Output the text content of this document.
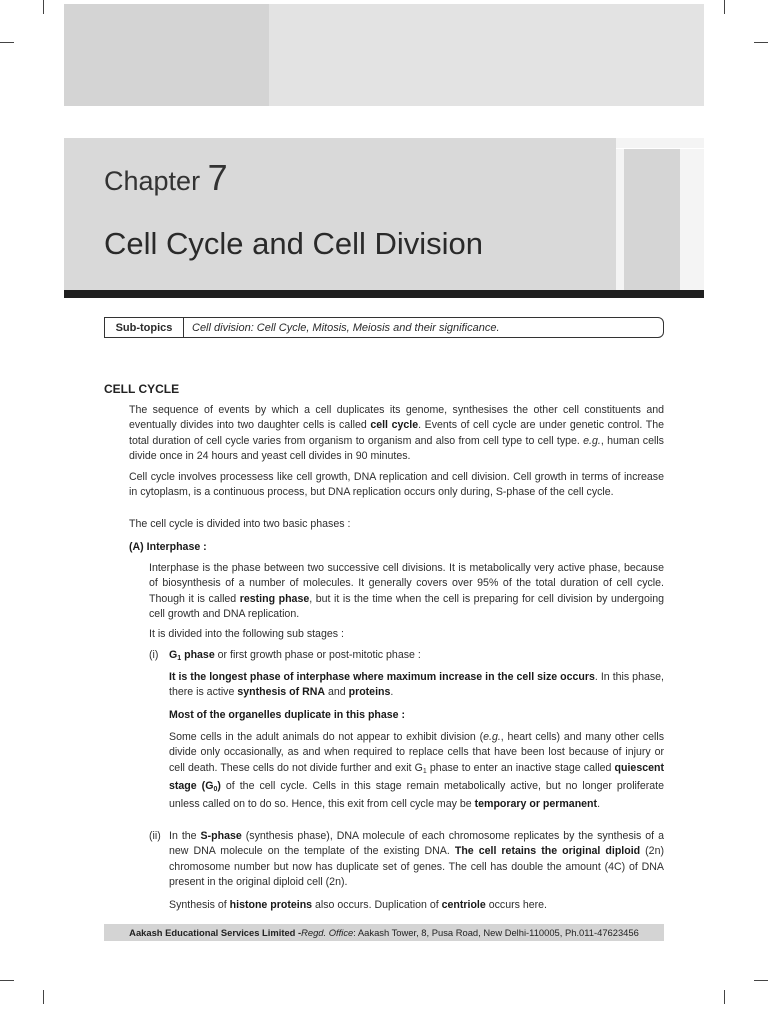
Chapter 7
Cell Cycle and Cell Division
Sub-topics	Cell division: Cell Cycle, Mitosis, Meiosis and their significance.
CELL CYCLE
The sequence of events by which a cell duplicates its genome, synthesises the other cell constituents and eventually divides into two daughter cells is called cell cycle. Events of cell cycle are under genetic control. The total duration of cell cycle varies from organism to organism and also from cell type to cell type. e.g., human cells divide once in 24 hours and yeast cell divides in 90 minutes.
Cell cycle involves processess like cell growth, DNA replication and cell division. Cell growth in terms of increase in cytoplasm, is a continuous process, but DNA replication occurs only during, S-phase of the cell cycle.
The cell cycle is divided into two basic phases :
(A) Interphase :
Interphase is the phase between two successive cell divisions. It is metabolically very active phase, because of biosynthesis of a number of molecules. It generally covers over 95% of the total duration of cell cycle. Though it is called resting phase, but it is the time when the cell is preparing for cell division by undergoing cell growth and DNA replication.
It is divided into the following sub stages :
(i) $G_1$ phase or first growth phase or post-mitotic phase :
It is the longest phase of interphase where maximum increase in the cell size occurs. In this phase, there is active synthesis of RNA and proteins.
Most of the organelles duplicate in this phase :
Some cells in the adult animals do not appear to exhibit division (e.g., heart cells) and many other cells divide only occasionally, as and when required to replace cells that have been lost because of injury or cell death. These cells do not divide further and exit $G_1$ phase to enter an inactive stage called quiescent stage $(G_0)$ of the cell cycle. Cells in this stage remain metabolically active, but no longer proliferate unless called on to do so. Hence, this exit from cell cycle may be temporary or permanent.
(ii) In the S-phase (synthesis phase), DNA molecule of each chromosome replicates by the synthesis of a new DNA molecule on the template of the existing DNA. The cell retains the original diploid (2n) chromosome number but now has duplicate set of genes. The cell has double the amount (4C) of DNA present in the original diploid cell (2n).
Synthesis of histone proteins also occurs. Duplication of centriole occurs here.
Aakash Educational Services Limited - Regd. Office : Aakash Tower, 8, Pusa Road, New Delhi-110005, Ph.011-47623456
